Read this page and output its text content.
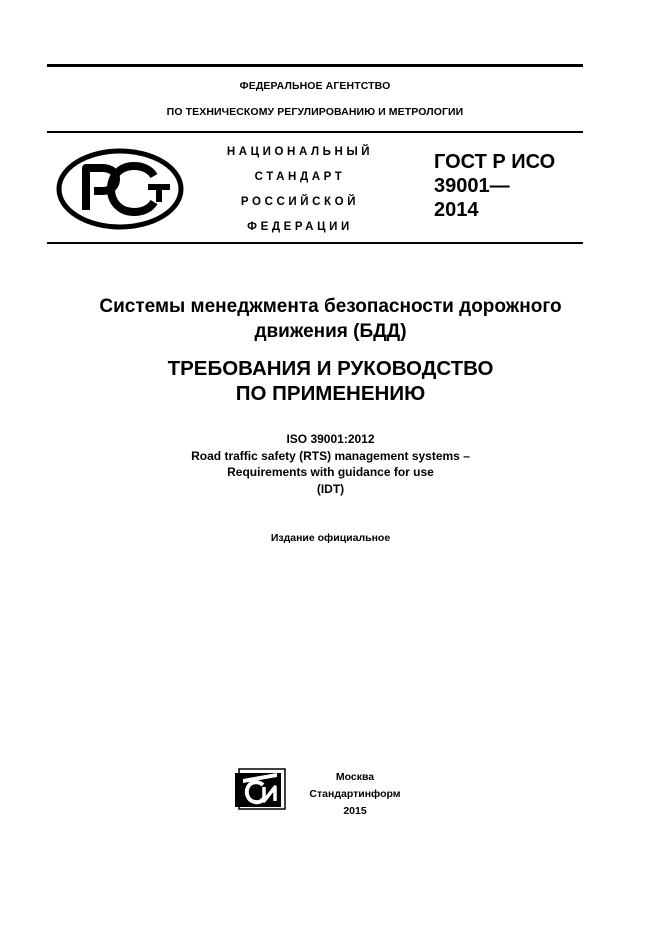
ФЕДЕРАЛЬНОЕ АГЕНТСТВО
ПО ТЕХНИЧЕСКОМУ РЕГУЛИРОВАНИЮ И МЕТРОЛОГИИ
НАЦИОНАЛЬНЫЙ
СТАНДАРТ
РОССИЙСКОЙ
ФЕДЕРАЦИИ
ГОСТ Р ИСО
39001—
2014
Системы менеджмента безопасности дорожного
движения (БДД)
ТРЕБОВАНИЯ И РУКОВОДСТВО
ПО ПРИМЕНЕНИЮ
ISO 39001:2012
Road traffic safety (RTS) management systems –
Requirements with guidance for use
(IDT)
Издание официальное
Москва
Стандартинформ
2015
